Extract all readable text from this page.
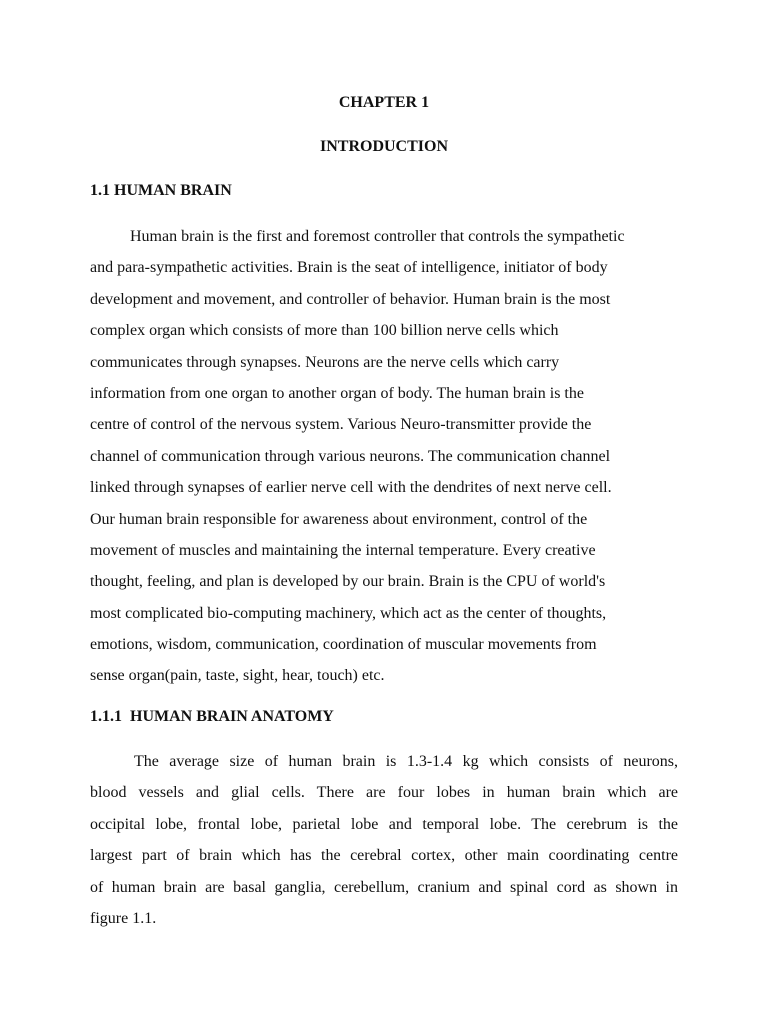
CHAPTER 1
INTRODUCTION
1.1 HUMAN BRAIN

Human brain is the first and foremost controller that controls the sympathetic
and para-sympathetic activities. Brain is the seat of intelligence, initiator of body
development and movement, and controller of behavior. Human brain is the most
complex organ which consists of more than 100 billion nerve cells which
communicates through synapses. Neurons are the nerve cells which carry
information from one organ to another organ of body. The human brain is the
centre of control of the nervous system. Various Neuro-transmitter provide the
channel of communication through various neurons. The communication channel
linked through synapses of earlier nerve cell with the dendrites of next nerve cell.
Our human brain responsible for awareness about environment, control of the
movement of muscles and maintaining the internal temperature. Every creative
thought, feeling, and plan is developed by our brain. Brain is the CPU of world's
most complicated bio-computing machinery, which act as the center of thoughts,
emotions, wisdom, communication, coordination of muscular movements from
sense organ(pain, taste, sight, hear, touch) etc.

1.1.1  HUMAN BRAIN ANATOMY

The average size of human brain is 1.3-1.4 kg which consists of neurons,
blood vessels and glial cells. There are four lobes in human brain which are
occipital lobe, frontal lobe, parietal lobe and temporal lobe. The cerebrum is the
largest part of brain which has the cerebral cortex, other main coordinating centre
of human brain are basal ganglia, cerebellum, cranium and spinal cord as shown in
figure 1.1.
